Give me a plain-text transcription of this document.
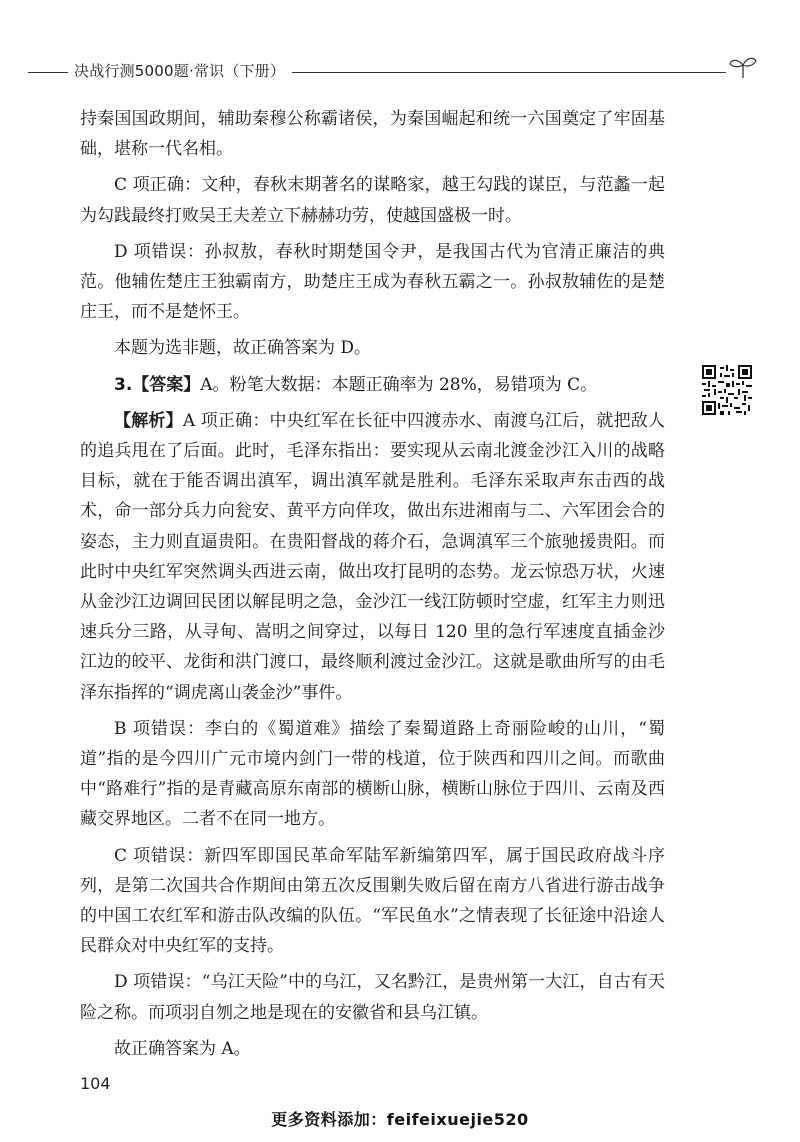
决战行测5000题·常识（下册）

持秦国国政期间，辅助秦穆公称霸诸侯，为秦国崛起和统一六国奠定了牢固基础，堪称一代名相。

C 项正确：文种，春秋末期著名的谋略家，越王勾践的谋臣，与范蠡一起为勾践最终打败吴王夫差立下赫赫功劳，使越国盛极一时。

D 项错误：孙叔敖，春秋时期楚国令尹，是我国古代为官清正廉洁的典范。他辅佐楚庄王独霸南方，助楚庄王成为春秋五霸之一。孙叔敖辅佐的是楚庄王，而不是楚怀王。

本题为选非题，故正确答案为 D。

3.【答案】A。粉笔大数据：本题正确率为 28%，易错项为 C。

【解析】A 项正确：中央红军在长征中四渡赤水、南渡乌江后，就把敌人的追兵甩在了后面。此时，毛泽东指出：要实现从云南北渡金沙江入川的战略目标，就在于能否调出滇军，调出滇军就是胜利。毛泽东采取声东击西的战术，命一部分兵力向瓮安、黄平方向佯攻，做出东进湘南与二、六军团会合的姿态，主力则直逼贵阳。在贵阳督战的蒋介石，急调滇军三个旅驰援贵阳。而此时中央红军突然调头西进云南，做出攻打昆明的态势。龙云惊恐万状，火速从金沙江边调回民团以解昆明之急，金沙江一线江防顿时空虚，红军主力则迅速兵分三路，从寻甸、嵩明之间穿过，以每日 120 里的急行军速度直插金沙江边的皎平、龙街和洪门渡口，最终顺利渡过金沙江。这就是歌曲所写的由毛泽东指挥的“调虎离山袭金沙”事件。

B 项错误：李白的《蜀道难》描绘了秦蜀道路上奇丽险峻的山川，“蜀道”指的是今四川广元市境内剑门一带的栈道，位于陕西和四川之间。而歌曲中“路难行”指的是青藏高原东南部的横断山脉，横断山脉位于四川、云南及西藏交界地区。二者不在同一地方。

C 项错误：新四军即国民革命军陆军新编第四军，属于国民政府战斗序列，是第二次国共合作期间由第五次反围剿失败后留在南方八省进行游击战争的中国工农红军和游击队改编的队伍。“军民鱼水”之情表现了长征途中沿途人民群众对中央红军的支持。

D 项错误：“乌江天险”中的乌江，又名黔江，是贵州第一大江，自古有天险之称。而项羽自刎之地是现在的安徽省和县乌江镇。

故正确答案为 A。

104
更多资料添加：feifeixuejie520
